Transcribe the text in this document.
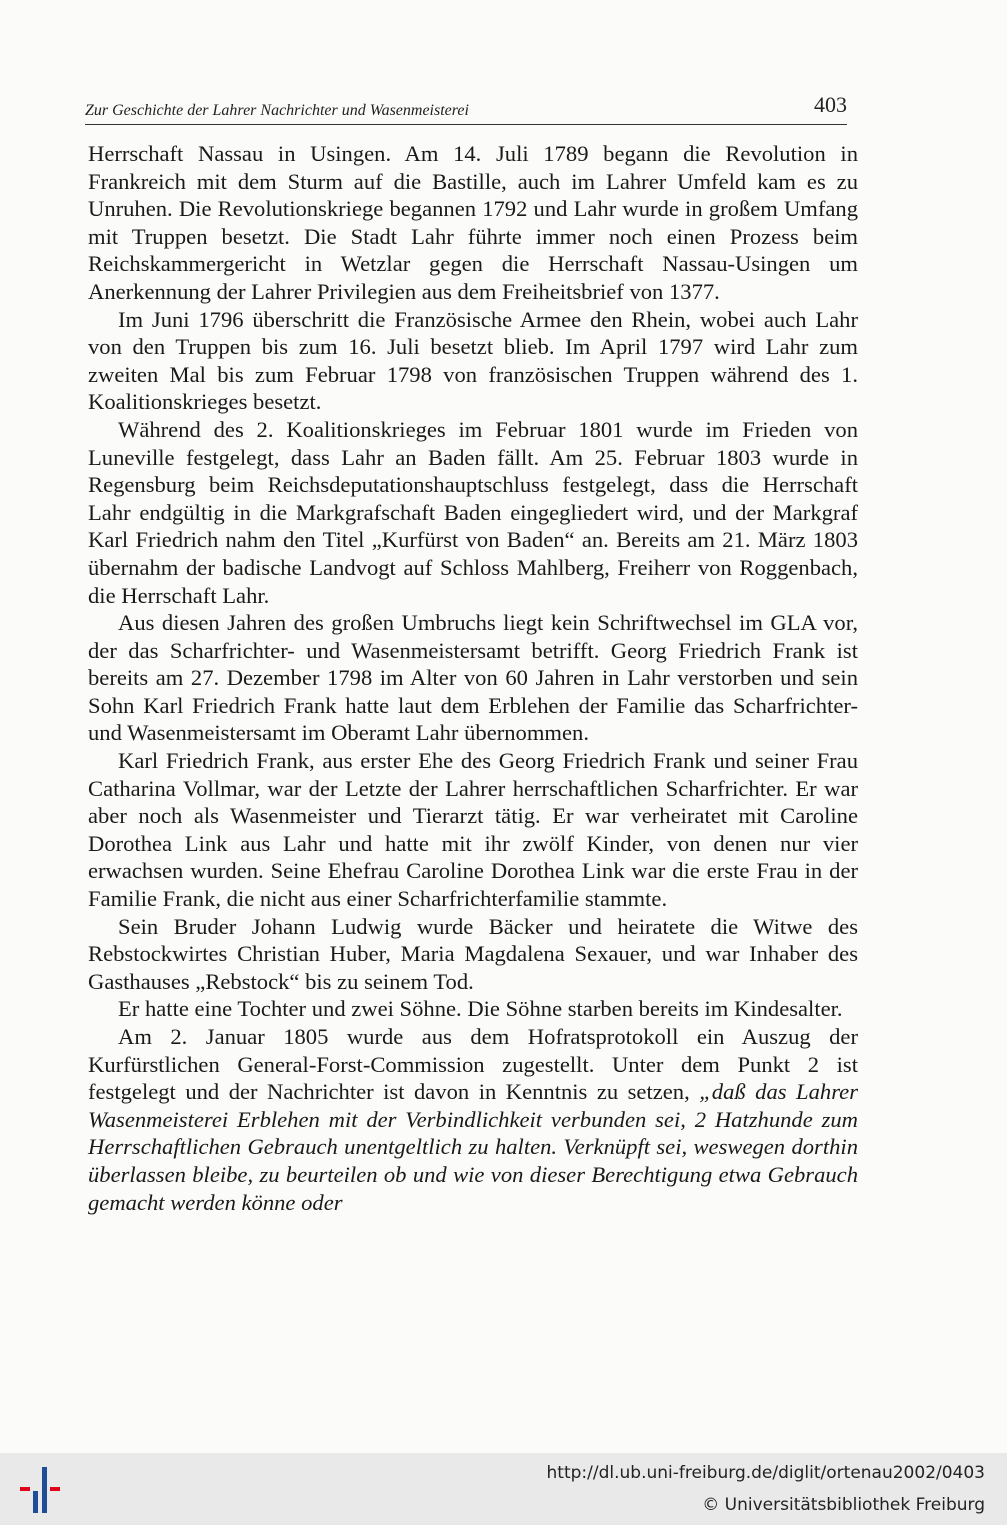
Zur Geschichte der Lahrer Nachrichter und Wasenmeisterei	403

Herrschaft Nassau in Usingen. Am 14. Juli 1789 begann die Revolution in Frankreich mit dem Sturm auf die Bastille, auch im Lahrer Umfeld kam es zu Unruhen. Die Revolutionskriege begannen 1792 und Lahr wurde in großem Umfang mit Truppen besetzt. Die Stadt Lahr führte immer noch einen Prozess beim Reichskammergericht in Wetzlar gegen die Herrschaft Nassau-Usingen um Anerkennung der Lahrer Privilegien aus dem Freiheitsbrief von 1377.

Im Juni 1796 überschritt die Französische Armee den Rhein, wobei auch Lahr von den Truppen bis zum 16. Juli besetzt blieb. Im April 1797 wird Lahr zum zweiten Mal bis zum Februar 1798 von französischen Truppen während des 1. Koalitionskrieges besetzt.

Während des 2. Koalitionskrieges im Februar 1801 wurde im Frieden von Luneville festgelegt, dass Lahr an Baden fällt. Am 25. Februar 1803 wurde in Regensburg beim Reichsdeputationshauptschluss festgelegt, dass die Herrschaft Lahr endgültig in die Markgrafschaft Baden eingegliedert wird, und der Markgraf Karl Friedrich nahm den Titel „Kurfürst von Baden“ an. Bereits am 21. März 1803 übernahm der badische Landvogt auf Schloss Mahlberg, Freiherr von Roggenbach, die Herrschaft Lahr.

Aus diesen Jahren des großen Umbruchs liegt kein Schriftwechsel im GLA vor, der das Scharfrichter- und Wasenmeistersamt betrifft. Georg Friedrich Frank ist bereits am 27. Dezember 1798 im Alter von 60 Jahren in Lahr verstorben und sein Sohn Karl Friedrich Frank hatte laut dem Erblehen der Familie das Scharfrichter- und Wasenmeistersamt im Oberamt Lahr übernommen.

Karl Friedrich Frank, aus erster Ehe des Georg Friedrich Frank und seiner Frau Catharina Vollmar, war der Letzte der Lahrer herrschaftlichen Scharfrichter. Er war aber noch als Wasenmeister und Tierarzt tätig. Er war verheiratet mit Caroline Dorothea Link aus Lahr und hatte mit ihr zwölf Kinder, von denen nur vier erwachsen wurden. Seine Ehefrau Caroline Dorothea Link war die erste Frau in der Familie Frank, die nicht aus einer Scharfrichterfamilie stammte.

Sein Bruder Johann Ludwig wurde Bäcker und heiratete die Witwe des Rebstockwirtes Christian Huber, Maria Magdalena Sexauer, und war Inhaber des Gasthauses „Rebstock“ bis zu seinem Tod.

Er hatte eine Tochter und zwei Söhne. Die Söhne starben bereits im Kindesalter.

Am 2. Januar 1805 wurde aus dem Hofratsprotokoll ein Auszug der Kurfürstlichen General-Forst-Commission zugestellt. Unter dem Punkt 2 ist festgelegt und der Nachrichter ist davon in Kenntnis zu setzen, „daß das Lahrer Wasenmeisterei Erblehen mit der Verbindlichkeit verbunden sei, 2 Hatzhunde zum Herrschaftlichen Gebrauch unentgeltlich zu halten. Verknüpft sei, weswegen dorthin überlassen bleibe, zu beurteilen ob und wie von dieser Berechtigung etwa Gebrauch gemacht werden könne oder

http://dl.ub.uni-freiburg.de/diglit/ortenau2002/0403
© Universitätsbibliothek Freiburg
